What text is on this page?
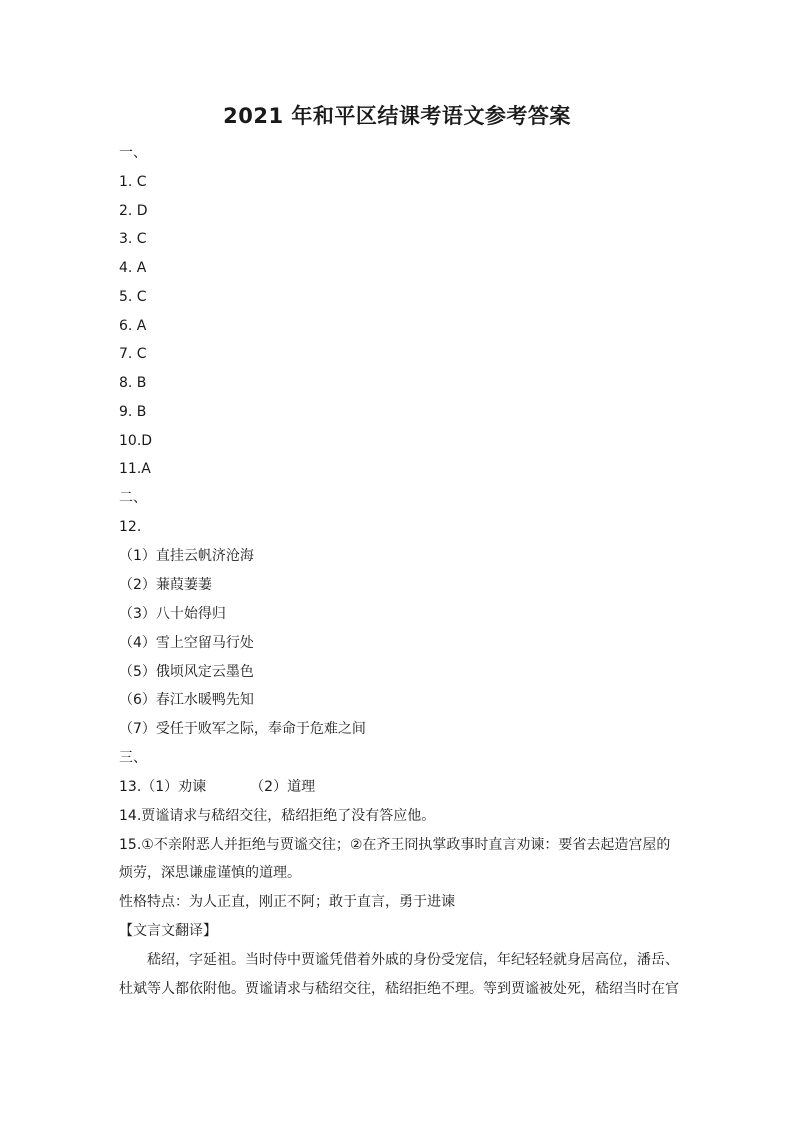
2021 年和平区结课考语文参考答案
一、
1. C
2. D
3. C
4. A
5. C
6. A
7. C
8. B
9. B
10.D
11.A
二、
12.
（1）直挂云帆济沧海
（2）蒹葭萋萋
（3）八十始得归
（4）雪上空留马行处
（5）俄顷风定云墨色
（6）春江水暖鸭先知
（7）受任于败军之际，奉命于危难之间
三、
13.（1）劝谏	（2）道理
14.贾谧请求与嵇绍交往，嵇绍拒绝了没有答应他。
15.①不亲附恶人并拒绝与贾谧交往；②在齐王冏执掌政事时直言劝谏：要省去起造宫屋的
烦劳，深思谦虚谨慎的道理。
性格特点：为人正直，刚正不阿；敢于直言，勇于进谏
【文言文翻译】
嵇绍，字延祖。当时侍中贾谧凭借着外戚的身份受宠信，年纪轻轻就身居高位，潘岳、
杜斌等人都依附他。贾谧请求与嵇绍交往，嵇绍拒绝不理。等到贾谧被处死，嵇绍当时在官
